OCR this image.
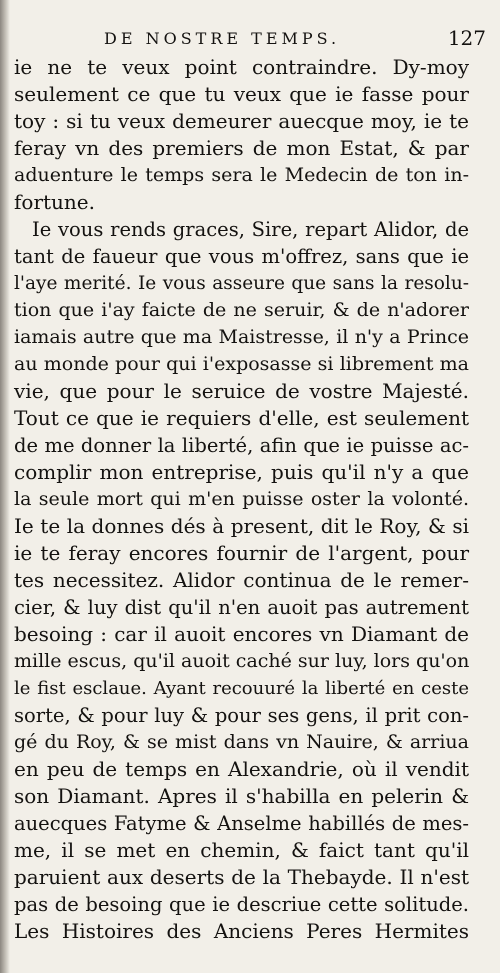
DE NOSTRE TEMPS.	127
ie ne te veux point contraindre. Dy-moy
seulement ce que tu veux que ie fasse pour
toy : si tu veux demeurer auecque moy, ie te
feray vn des premiers de mon Estat, & par
aduenture le temps sera le Medecin de ton in-
fortune.
Ie vous rends graces, Sire, repart Alidor, de
tant de faueur que vous m'offrez, sans que ie
l'aye merité. Ie vous asseure que sans la resolu-
tion que i'ay faicte de ne seruir, & de n'adorer
iamais autre que ma Maistresse, il n'y a Prince
au monde pour qui i'exposasse si librement ma
vie, que pour le seruice de vostre Majesté.
Tout ce que ie requiers d'elle, est seulement
de me donner la liberté, afin que ie puisse ac-
complir mon entreprise, puis qu'il n'y a que
la seule mort qui m'en puisse oster la volonté.
Ie te la donnes dés à present, dit le Roy, & si
ie te feray encores fournir de l'argent, pour
tes necessitez. Alidor continua de le remer-
cier, & luy dist qu'il n'en auoit pas autrement
besoing : car il auoit encores vn Diamant de
mille escus, qu'il auoit caché sur luy, lors qu'on
le fist esclaue. Ayant recouuré la liberté en ceste
sorte, & pour luy & pour ses gens, il prit con-
gé du Roy, & se mist dans vn Nauire, & arriua
en peu de temps en Alexandrie, où il vendit
son Diamant. Apres il s'habilla en pelerin &
auecques Fatyme & Anselme habillés de mes-
me, il se met en chemin, & faict tant qu'il
paruient aux deserts de la Thebayde. Il n'est
pas de besoing que ie descriue cette solitude.
Les Histoires des Anciens Peres Hermites
